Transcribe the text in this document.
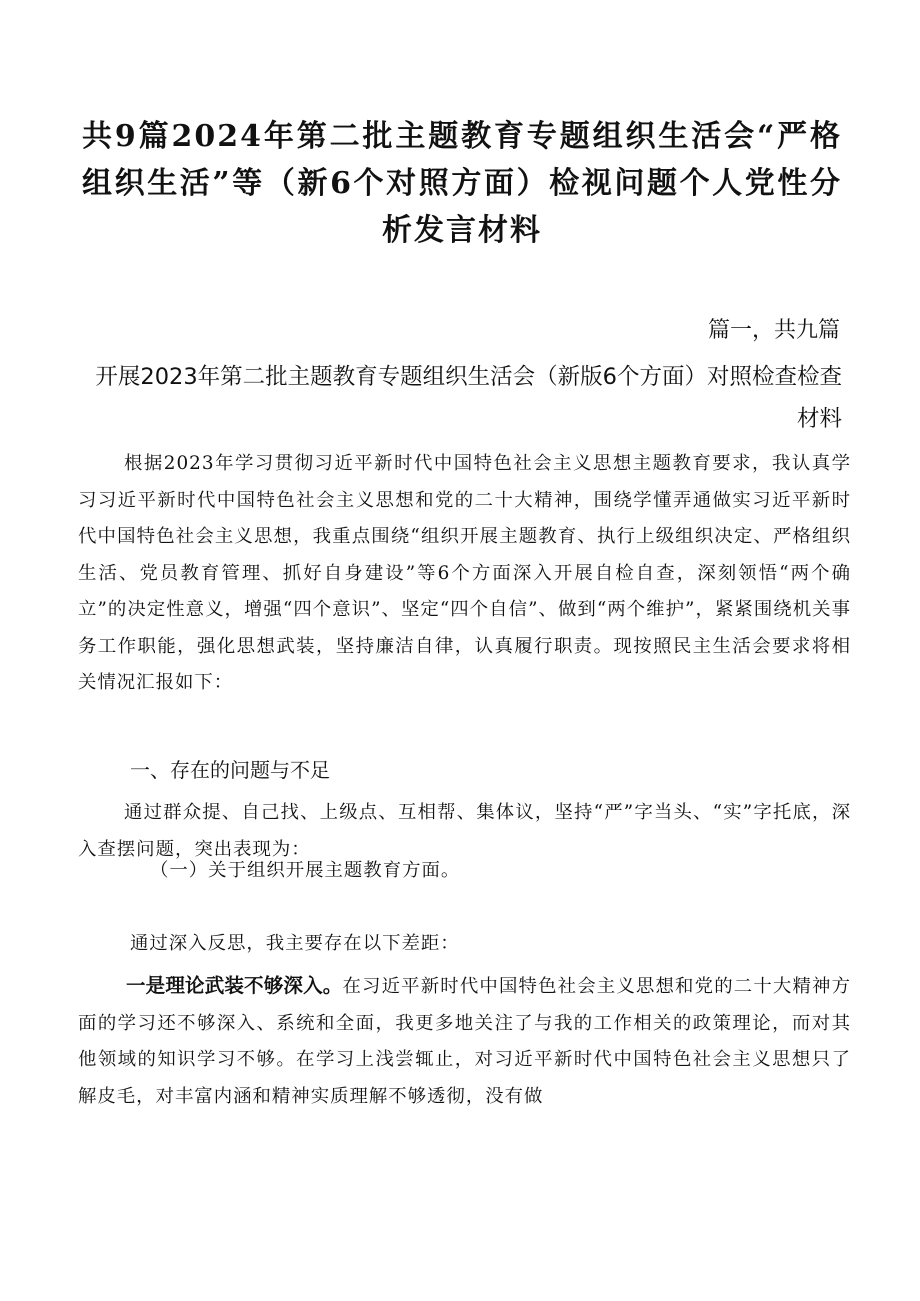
共9篇2024年第二批主题教育专题组织生活会“严格组织生活”等（新6个对照方面）检视问题个人党性分析发言材料
篇一，共九篇
开展2023年第二批主题教育专题组织生活会（新版6个方面）对照检查检查材料

根据2023年学习贯彻习近平新时代中国特色社会主义思想主题教育要求，我认真学习习近平新时代中国特色社会主义思想和党的二十大精神，围绕学懂弄通做实习近平新时代中国特色社会主义思想，我重点围绕“组织开展主题教育、执行上级组织决定、严格组织生活、党员教育管理、抓好自身建设”等6个方面深入开展自检自查，深刻领悟“两个确立”的决定性意义，增强“四个意识”、坚定“四个自信”、做到“两个维护”，紧紧围绕机关事务工作职能，强化思想武装，坚持廉洁自律，认真履行职责。现按照民主生活会要求将相关情况汇报如下：

一、存在的问题与不足

通过群众提、自己找、上级点、互相帮、集体议，坚持“严”字当头、“实”字托底，深入查摆问题，突出表现为：

（一）关于组织开展主题教育方面。
通过深入反思，我主要存在以下差距：

一是理论武装不够深入。在习近平新时代中国特色社会主义思想和党的二十大精神方面的学习还不够深入、系统和全面，我更多地关注了与我的工作相关的政策理论，而对其他领域的知识学习不够。在学习上浅尝辄止，对习近平新时代中国特色社会主义思想只了解皮毛，对丰富内涵和精神实质理解不够透彻，没有做
